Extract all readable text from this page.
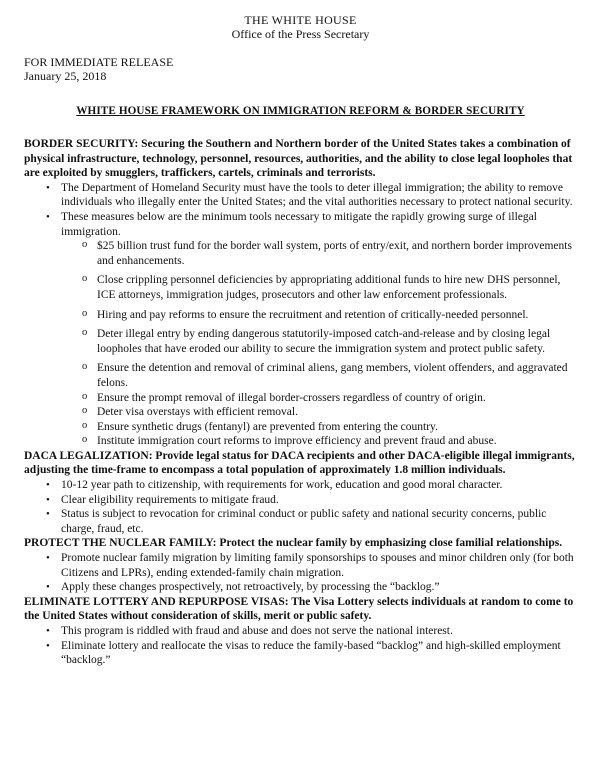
THE WHITE HOUSE
Office of the Press Secretary
FOR IMMEDIATE RELEASE
January 25, 2018
WHITE HOUSE FRAMEWORK ON IMMIGRATION REFORM & BORDER SECURITY
BORDER SECURITY: Securing the Southern and Northern border of the United States takes a combination of physical infrastructure, technology, personnel, resources, authorities, and the ability to close legal loopholes that are exploited by smugglers, traffickers, cartels, criminals and terrorists.
• The Department of Homeland Security must have the tools to deter illegal immigration; the ability to remove individuals who illegally enter the United States; and the vital authorities necessary to protect national security.
• These measures below are the minimum tools necessary to mitigate the rapidly growing surge of illegal immigration.
o $25 billion trust fund for the border wall system, ports of entry/exit, and northern border improvements and enhancements.
o Close crippling personnel deficiencies by appropriating additional funds to hire new DHS personnel, ICE attorneys, immigration judges, prosecutors and other law enforcement professionals.
o Hiring and pay reforms to ensure the recruitment and retention of critically-needed personnel.
o Deter illegal entry by ending dangerous statutorily-imposed catch-and-release and by closing legal loopholes that have eroded our ability to secure the immigration system and protect public safety.
o Ensure the detention and removal of criminal aliens, gang members, violent offenders, and aggravated felons.
o Ensure the prompt removal of illegal border-crossers regardless of country of origin.
o Deter visa overstays with efficient removal.
o Ensure synthetic drugs (fentanyl) are prevented from entering the country.
o Institute immigration court reforms to improve efficiency and prevent fraud and abuse.
DACA LEGALIZATION: Provide legal status for DACA recipients and other DACA-eligible illegal immigrants, adjusting the time-frame to encompass a total population of approximately 1.8 million individuals.
• 10-12 year path to citizenship, with requirements for work, education and good moral character.
• Clear eligibility requirements to mitigate fraud.
• Status is subject to revocation for criminal conduct or public safety and national security concerns, public charge, fraud, etc.
PROTECT THE NUCLEAR FAMILY: Protect the nuclear family by emphasizing close familial relationships.
• Promote nuclear family migration by limiting family sponsorships to spouses and minor children only (for both Citizens and LPRs), ending extended-family chain migration.
• Apply these changes prospectively, not retroactively, by processing the “backlog.”
ELIMINATE LOTTERY AND REPURPOSE VISAS: The Visa Lottery selects individuals at random to come to the United States without consideration of skills, merit or public safety.
• This program is riddled with fraud and abuse and does not serve the national interest.
• Eliminate lottery and reallocate the visas to reduce the family-based “backlog” and high-skilled employment “backlog.”
